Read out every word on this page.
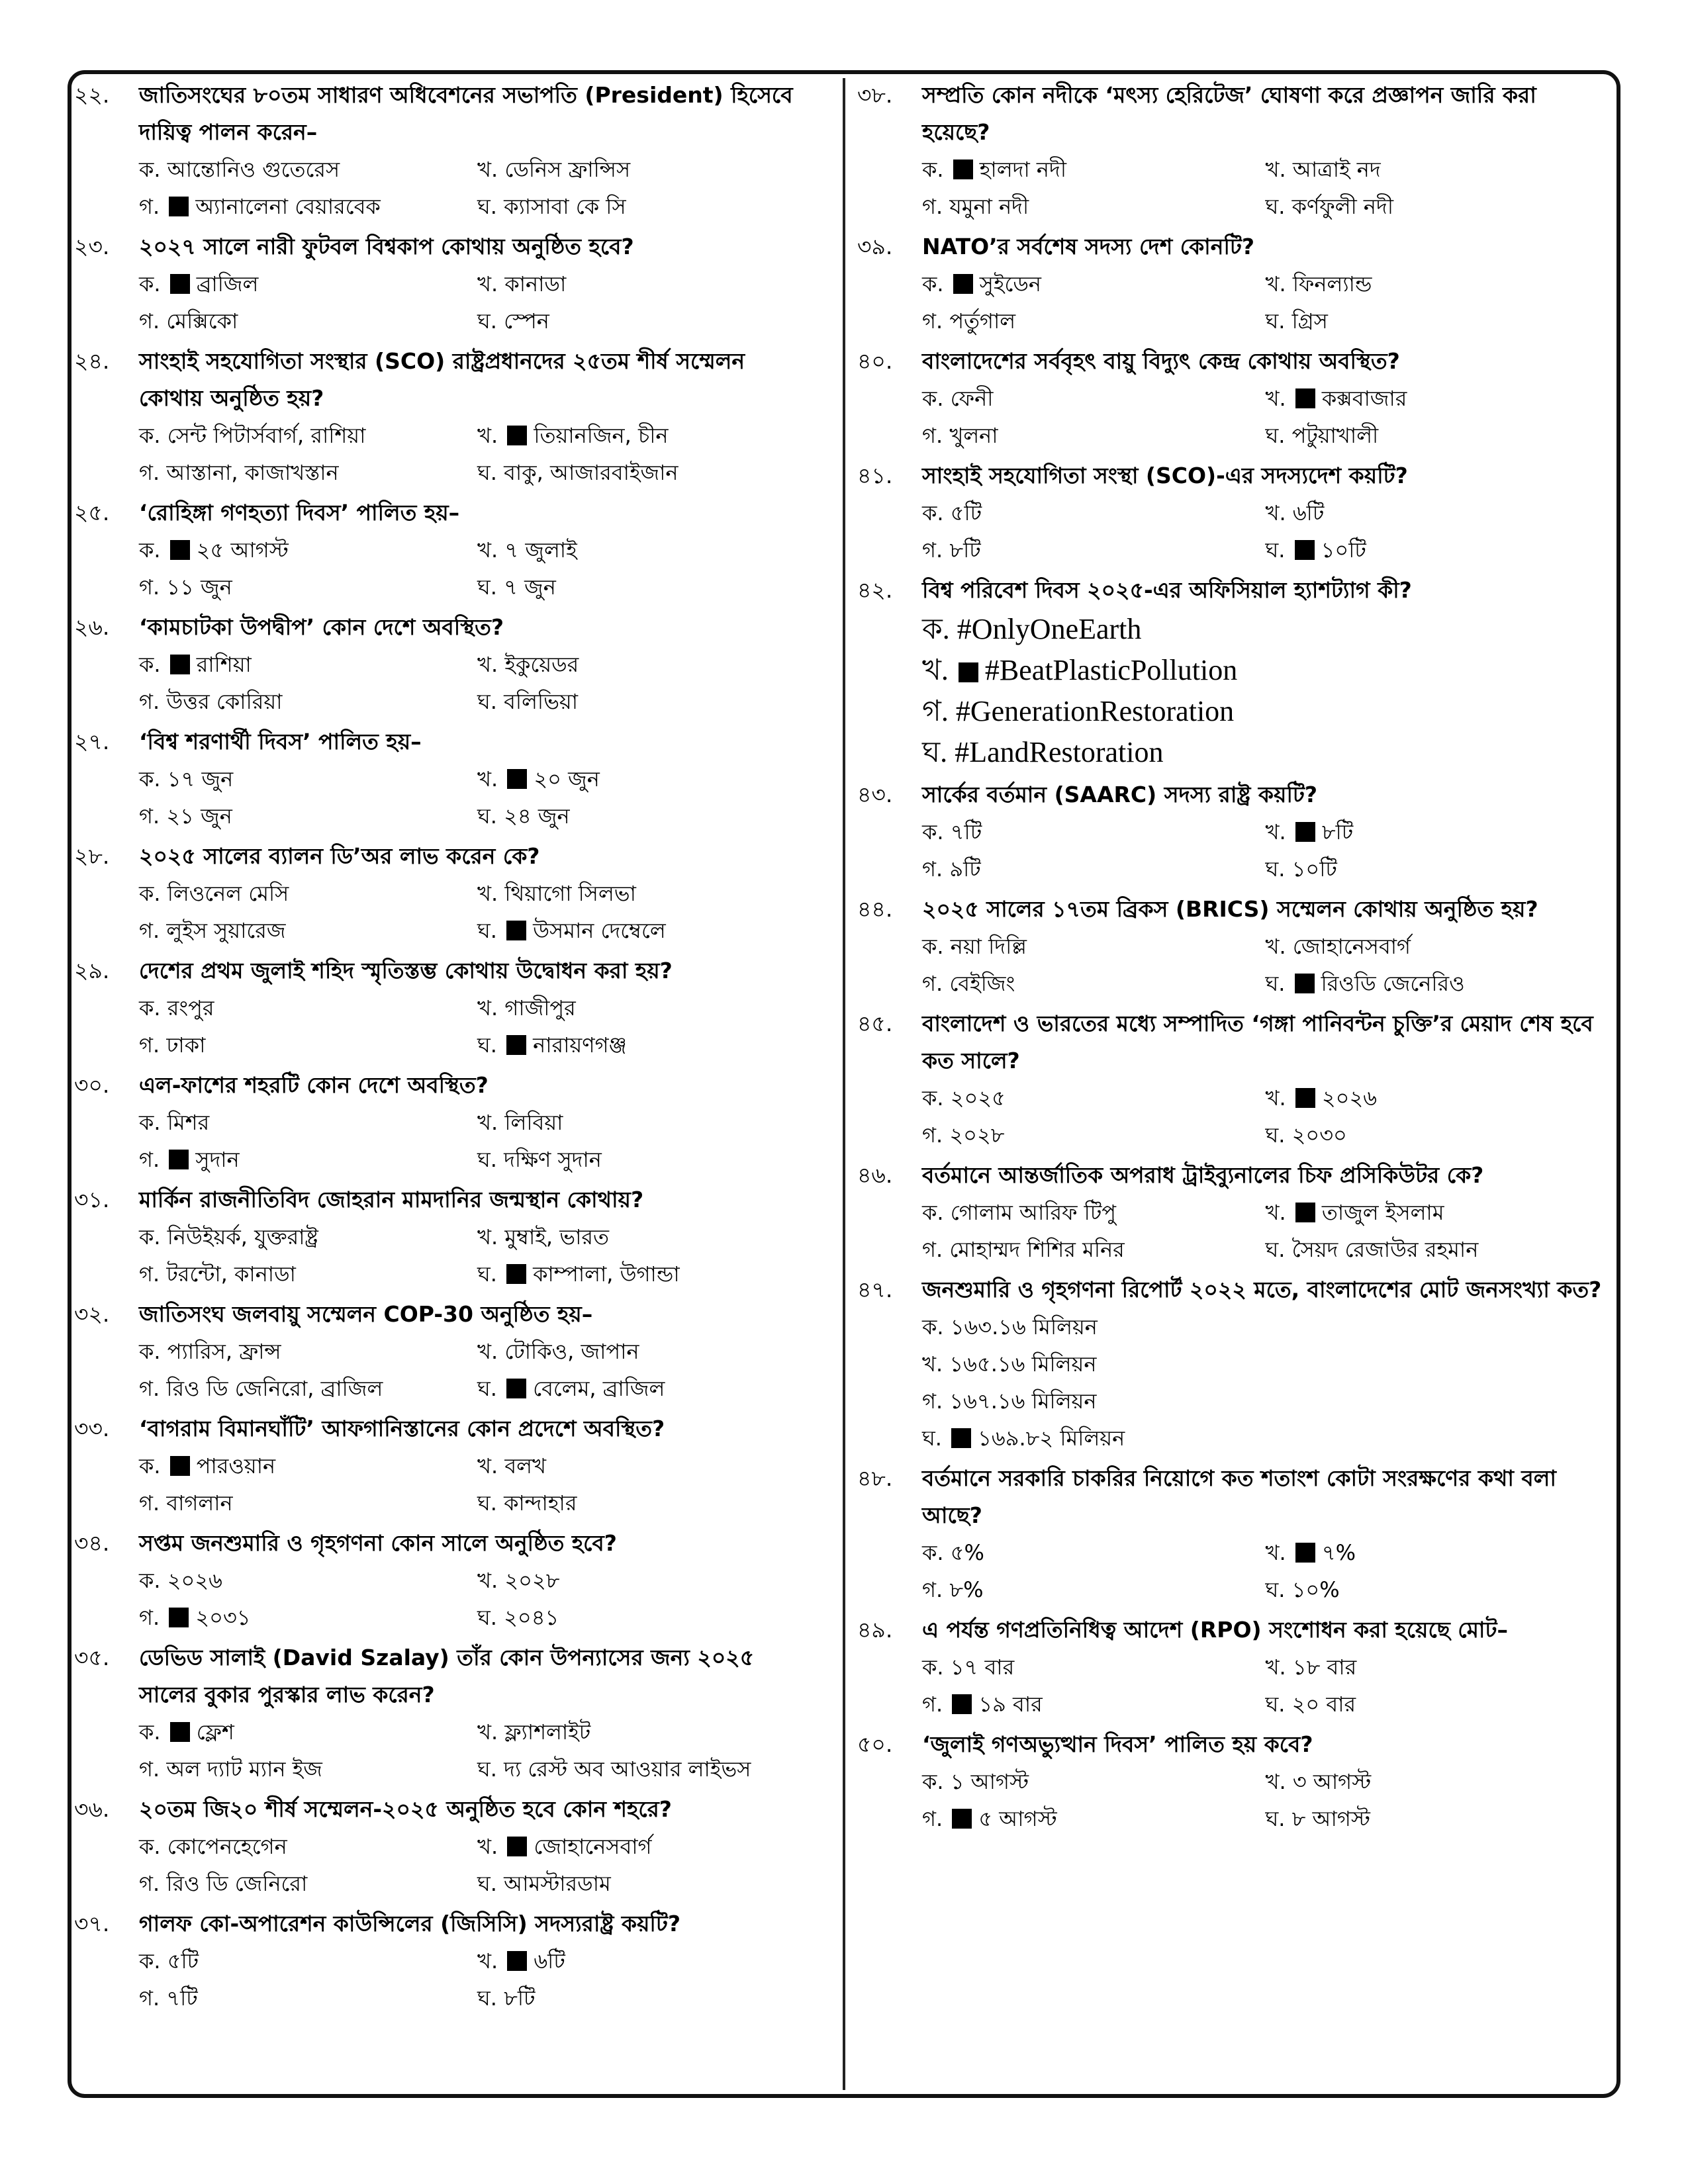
২২.	জাতিসংঘের ৮০তম সাধারণ অধিবেশনের সভাপতি (President) হিসেবে দায়িত্ব পালন করেন–
ক. আন্তোনিও গুতেরেস	খ. ডেনিস ফ্রান্সিস
গ. অ্যানালেনা বেয়ারবেক	ঘ. ক্যাসাবা কে সি
২৩.	২০২৭ সালে নারী ফুটবল বিশ্বকাপ কোথায় অনুষ্ঠিত হবে?
ক. ব্রাজিল	খ. কানাডা
গ. মেক্সিকো	ঘ. স্পেন
২৪.	সাংহাই সহযোগিতা সংস্থার (SCO) রাষ্ট্রপ্রধানদের ২৫তম শীর্ষ সম্মেলন কোথায় অনুষ্ঠিত হয়?
ক. সেন্ট পিটার্সবার্গ, রাশিয়া	খ. তিয়ানজিন, চীন
গ. আস্তানা, কাজাখস্তান	ঘ. বাকু, আজারবাইজান
২৫.	‘রোহিঙ্গা গণহত্যা দিবস’ পালিত হয়–
ক. ২৫ আগস্ট	খ. ৭ জুলাই
গ. ১১ জুন	ঘ. ৭ জুন
২৬.	‘কামচাটকা উপদ্বীপ’ কোন দেশে অবস্থিত?
ক. রাশিয়া	খ. ইকুয়েডর
গ. উত্তর কোরিয়া	ঘ. বলিভিয়া
২৭.	‘বিশ্ব শরণার্থী দিবস’ পালিত হয়–
ক. ১৭ জুন	খ. ২০ জুন
গ. ২১ জুন	ঘ. ২৪ জুন
২৮.	২০২৫ সালের ব্যালন ডি’অর লাভ করেন কে?
ক. লিওনেল মেসি	খ. থিয়াগো সিলভা
গ. লুইস সুয়ারেজ	ঘ. উসমান দেম্বেলে
২৯.	দেশের প্রথম জুলাই শহিদ স্মৃতিস্তম্ভ কোথায় উদ্বোধন করা হয়?
ক. রংপুর	খ. গাজীপুর
গ. ঢাকা	ঘ. নারায়ণগঞ্জ
৩০.	এল-ফাশের শহরটি কোন দেশে অবস্থিত?
ক. মিশর	খ. লিবিয়া
গ. সুদান	ঘ. দক্ষিণ সুদান
৩১.	মার্কিন রাজনীতিবিদ জোহরান মামদানির জন্মস্থান কোথায়?
ক. নিউইয়র্ক, যুক্তরাষ্ট্র	খ. মুম্বাই, ভারত
গ. টরন্টো, কানাডা	ঘ. কাম্পালা, উগান্ডা
৩২.	জাতিসংঘ জলবায়ু সম্মেলন COP-30 অনুষ্ঠিত হয়–
ক. প্যারিস, ফ্রান্স	খ. টোকিও, জাপান
গ. রিও ডি জেনিরো, ব্রাজিল	ঘ. বেলেম, ব্রাজিল
৩৩.	‘বাগরাম বিমানঘাঁটি’ আফগানিস্তানের কোন প্রদেশে অবস্থিত?
ক. পারওয়ান	খ. বলখ
গ. বাগলান	ঘ. কান্দাহার
৩৪.	সপ্তম জনশুমারি ও গৃহগণনা কোন সালে অনুষ্ঠিত হবে?
ক. ২০২৬	খ. ২০২৮
গ. ২০৩১	ঘ. ২০৪১
৩৫.	ডেভিড সালাই (David Szalay) তাঁর কোন উপন্যাসের জন্য ২০২৫ সালের বুকার পুরস্কার লাভ করেন?
ক. ফ্লেশ	খ. ফ্ল্যাশলাইট
গ. অল দ্যাট ম্যান ইজ	ঘ. দ্য রেস্ট অব আওয়ার লাইভস
৩৬.	২০তম জি২০ শীর্ষ সম্মেলন-২০২৫ অনুষ্ঠিত হবে কোন শহরে?
ক. কোপেনহেগেন	খ. জোহানেসবার্গ
গ. রিও ডি জেনিরো	ঘ. আমস্টারডাম
৩৭.	গালফ কো-অপারেশন কাউন্সিলের (জিসিসি) সদস্যরাষ্ট্র কয়টি?
ক. ৫টি	খ. ৬টি
গ. ৭টি	ঘ. ৮টি
৩৮.	সম্প্রতি কোন নদীকে ‘মৎস্য হেরিটেজ’ ঘোষণা করে প্রজ্ঞাপন জারি করা হয়েছে?
ক. হালদা নদী	খ. আত্রাই নদ
গ. যমুনা নদী	ঘ. কর্ণফুলী নদী
৩৯.	NATO’র সর্বশেষ সদস্য দেশ কোনটি?
ক. সুইডেন	খ. ফিনল্যান্ড
গ. পর্তুগাল	ঘ. গ্রিস
৪০.	বাংলাদেশের সর্ববৃহৎ বায়ু বিদ্যুৎ কেন্দ্র কোথায় অবস্থিত?
ক. ফেনী	খ. কক্সবাজার
গ. খুলনা	ঘ. পটুয়াখালী
৪১.	সাংহাই সহযোগিতা সংস্থা (SCO)-এর সদস্যদেশ কয়টি?
ক. ৫টি	খ. ৬টি
গ. ৮টি	ঘ. ১০টি
৪২.	বিশ্ব পরিবেশ দিবস ২০২৫-এর অফিসিয়াল হ্যাশট্যাগ কী?
ক. #OnlyOneEarth
খ. #BeatPlasticPollution
গ. #GenerationRestoration
ঘ. #LandRestoration
৪৩.	সার্কের বর্তমান (SAARC) সদস্য রাষ্ট্র কয়টি?
ক. ৭টি	খ. ৮টি
গ. ৯টি	ঘ. ১০টি
৪৪.	২০২৫ সালের ১৭তম ব্রিকস (BRICS) সম্মেলন কোথায় অনুষ্ঠিত হয়?
ক. নয়া দিল্লি	খ. জোহানেসবার্গ
গ. বেইজিং	ঘ. রিওডি জেনেরিও
৪৫.	বাংলাদেশ ও ভারতের মধ্যে সম্পাদিত ‘গঙ্গা পানিবন্টন চুক্তি’র মেয়াদ শেষ হবে কত সালে?
ক. ২০২৫	খ. ২০২৬
গ. ২০২৮	ঘ. ২০৩০
৪৬.	বর্তমানে আন্তর্জাতিক অপরাধ ট্রাইব্যুনালের চিফ প্রসিকিউটর কে?
ক. গোলাম আরিফ টিপু	খ. তাজুল ইসলাম
গ. মোহাম্মদ শিশির মনির	ঘ. সৈয়দ রেজাউর রহমান
৪৭.	জনশুমারি ও গৃহগণনা রিপোর্ট ২০২২ মতে, বাংলাদেশের মোট জনসংখ্যা কত?
ক. ১৬৩.১৬ মিলিয়ন
খ. ১৬৫.১৬ মিলিয়ন
গ. ১৬৭.১৬ মিলিয়ন
ঘ. ১৬৯.৮২ মিলিয়ন
৪৮.	বর্তমানে সরকারি চাকরির নিয়োগে কত শতাংশ কোটা সংরক্ষণের কথা বলা আছে?
ক. ৫%	খ. ৭%
গ. ৮%	ঘ. ১০%
৪৯.	এ পর্যন্ত গণপ্রতিনিধিত্ব আদেশ (RPO) সংশোধন করা হয়েছে মোট–
ক. ১৭ বার	খ. ১৮ বার
গ. ১৯ বার	ঘ. ২০ বার
৫০.	‘জুলাই গণঅভ্যুত্থান দিবস’ পালিত হয় কবে?
ক. ১ আগস্ট	খ. ৩ আগস্ট
গ. ৫ আগস্ট	ঘ. ৮ আগস্ট
